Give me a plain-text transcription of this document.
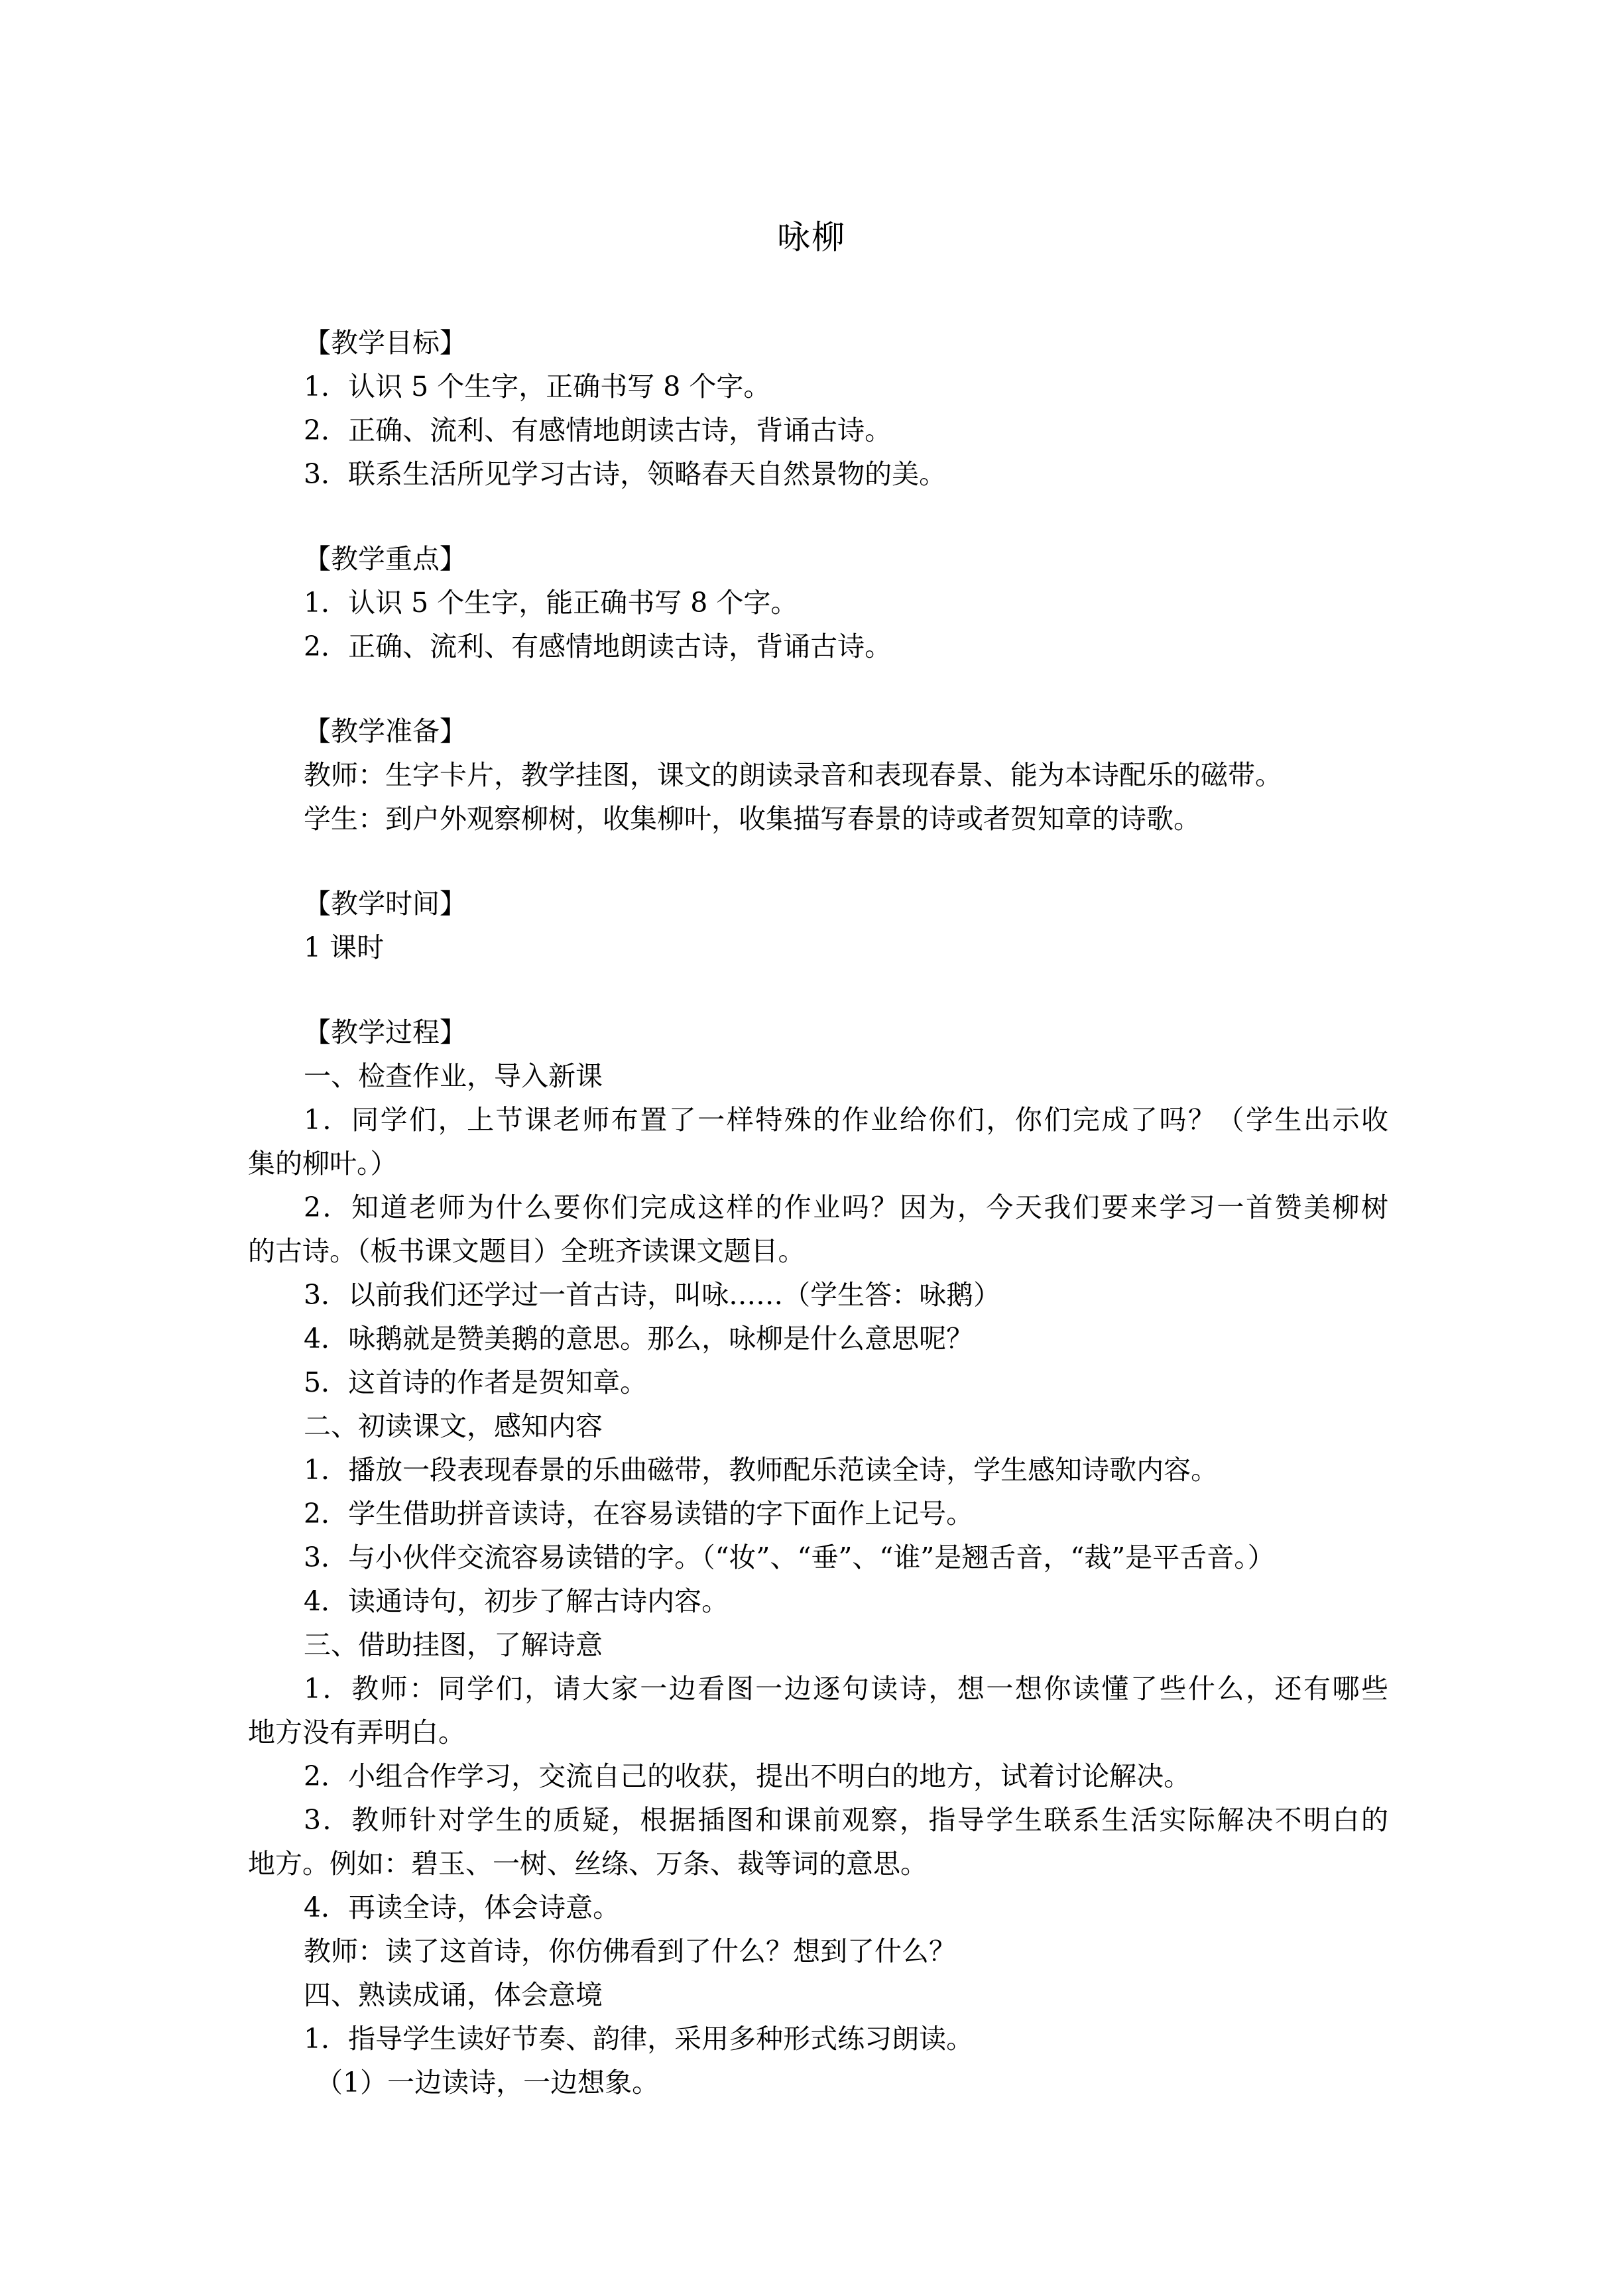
咏柳
【教学目标】
1．认识 5 个生字，正确书写 8 个字。
2．正确、流利、有感情地朗读古诗，背诵古诗。
3．联系生活所见学习古诗，领略春天自然景物的美。
【教学重点】
1．认识 5 个生字，能正确书写 8 个字。
2．正确、流利、有感情地朗读古诗，背诵古诗。
【教学准备】
教师：生字卡片，教学挂图，课文的朗读录音和表现春景、能为本诗配乐的磁带。
学生：到户外观察柳树，收集柳叶，收集描写春景的诗或者贺知章的诗歌。
【教学时间】
1 课时
【教学过程】
一、检查作业，导入新课
1．同学们，上节课老师布置了一样特殊的作业给你们，你们完成了吗？（学生出示收
集的柳叶。）
2．知道老师为什么要你们完成这样的作业吗？因为，今天我们要来学习一首赞美柳树
的古诗。（板书课文题目）全班齐读课文题目。
3．以前我们还学过一首古诗，叫咏……（学生答：咏鹅）
4．咏鹅就是赞美鹅的意思。那么，咏柳是什么意思呢？
5．这首诗的作者是贺知章。
二、初读课文，感知内容
1．播放一段表现春景的乐曲磁带，教师配乐范读全诗，学生感知诗歌内容。
2．学生借助拼音读诗，在容易读错的字下面作上记号。
3．与小伙伴交流容易读错的字。（“妆”、“垂”、“谁”是翘舌音，“裁”是平舌音。）
4．读通诗句，初步了解古诗内容。
三、借助挂图，了解诗意
1．教师：同学们，请大家一边看图一边逐句读诗，想一想你读懂了些什么，还有哪些
地方没有弄明白。
2．小组合作学习，交流自己的收获，提出不明白的地方，试着讨论解决。
3．教师针对学生的质疑，根据插图和课前观察，指导学生联系生活实际解决不明白的
地方。例如：碧玉、一树、丝绦、万条、裁等词的意思。
4．再读全诗，体会诗意。
教师：读了这首诗，你仿佛看到了什么？想到了什么？
四、熟读成诵，体会意境
1．指导学生读好节奏、韵律，采用多种形式练习朗读。
（1）一边读诗，一边想象。
